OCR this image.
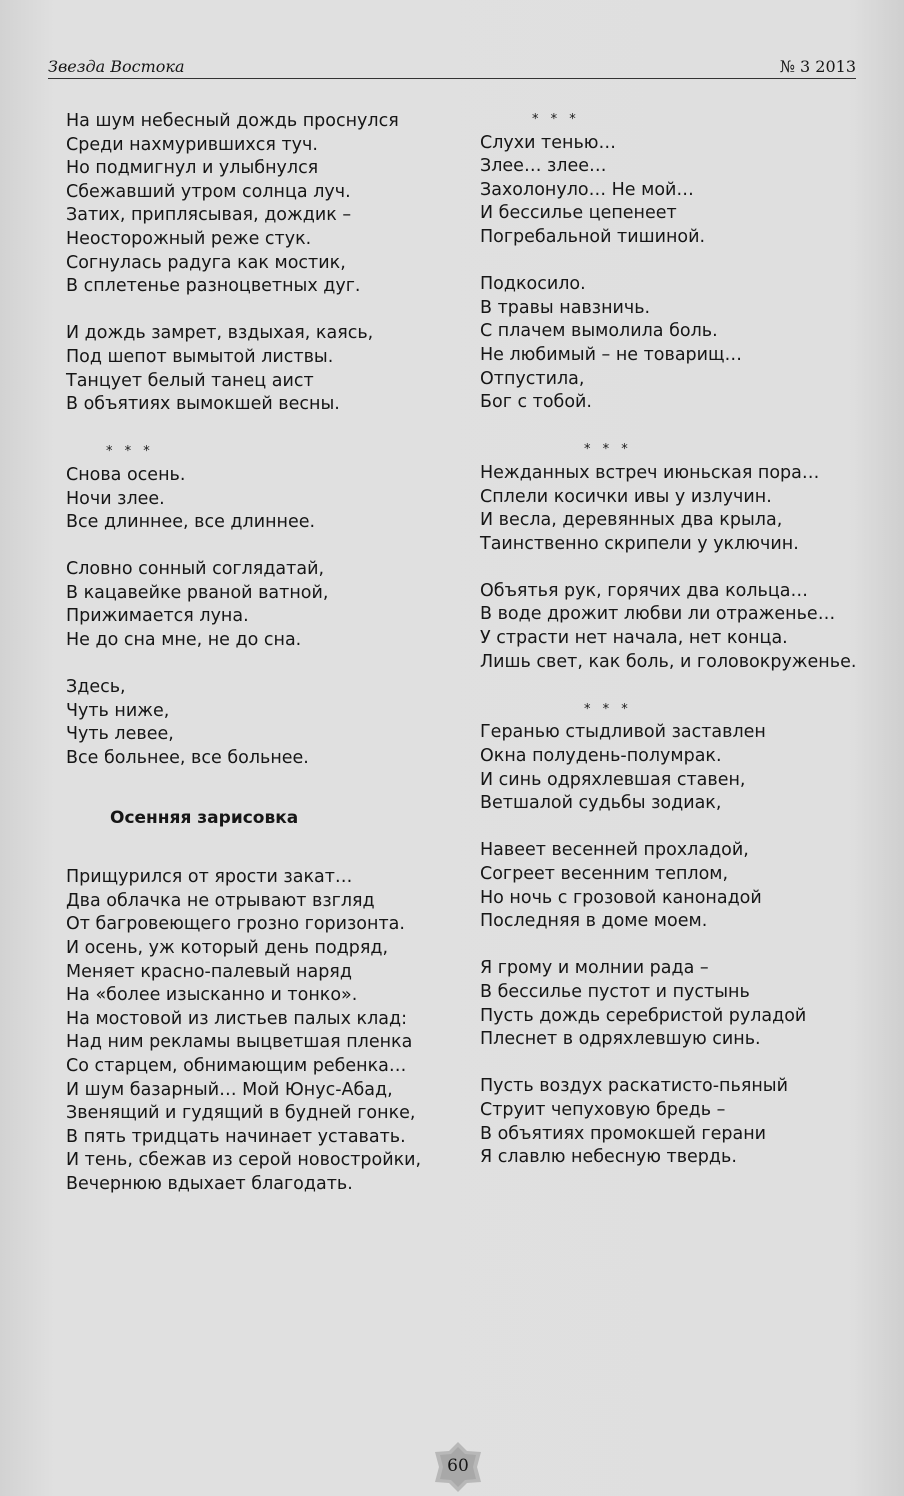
Звезда Востока	№ 3 2013
На шум небесный дождь проснулся
Среди нахмурившихся туч.
Но подмигнул и улыбнулся
Сбежавший утром солнца луч.
Затих, приплясывая, дождик –
Неосторожный реже стук.
Согнулась радуга как мостик,
В сплетенье разноцветных дуг.
И дождь замрет, вздыхая, каясь,
Под шепот вымытой листвы.
Танцует белый танец аист
В объятиях вымокшей весны.
* * *
Снова осень.
Ночи злее.
Все длиннее, все длиннее.
Словно сонный соглядатай,
В кацавейке рваной ватной,
Прижимается луна.
Не до сна мне, не до сна.
Здесь,
Чуть ниже,
Чуть левее,
Все больнее, все больнее.
Осенняя зарисовка
Прищурился от ярости закат…
Два облачка не отрывают взгляд
От багровеющего грозно горизонта.
И осень, уж который день подряд,
Меняет красно-палевый наряд
На «более изысканно и тонко».
На мостовой из листьев палых клад:
Над ним рекламы выцветшая пленка
Со старцем, обнимающим ребенка…
И шум базарный… Мой Юнус-Абад,
Звенящий и гудящий в будней гонке,
В пять тридцать начинает уставать.
И тень, сбежав из серой новостройки,
Вечернюю вдыхает благодать.
* * *
Слухи тенью…
Злее… злее…
Захолонуло… Не мой…
И бессилье цепенеет
Погребальной тишиной.
Подкосило.
В травы навзничь.
С плачем вымолила боль.
Не любимый – не товарищ…
Отпустила,
Бог с тобой.
* * *
Нежданных встреч июньская пора…
Сплели косички ивы у излучин.
И весла, деревянных два крыла,
Таинственно скрипели у уключин.
Объятья рук, горячих два кольца…
В воде дрожит любви ли отраженье…
У страсти нет начала, нет конца.
Лишь свет, как боль, и головокруженье.
* * *
Геранью стыдливой заставлен
Окна полудень-полумрак.
И синь одряхлевшая ставен,
Ветшалой судьбы зодиак,
Навеет весенней прохладой,
Согреет весенним теплом,
Но ночь с грозовой канонадой
Последняя в доме моем.
Я грому и молнии рада –
В бессилье пустот и пустынь
Пусть дождь серебристой руладой
Плеснет в одряхлевшую синь.
Пусть воздух раскатисто-пьяный
Струит чепуховую бредь –
В объятиях промокшей герани
Я славлю небесную твердь.
60
